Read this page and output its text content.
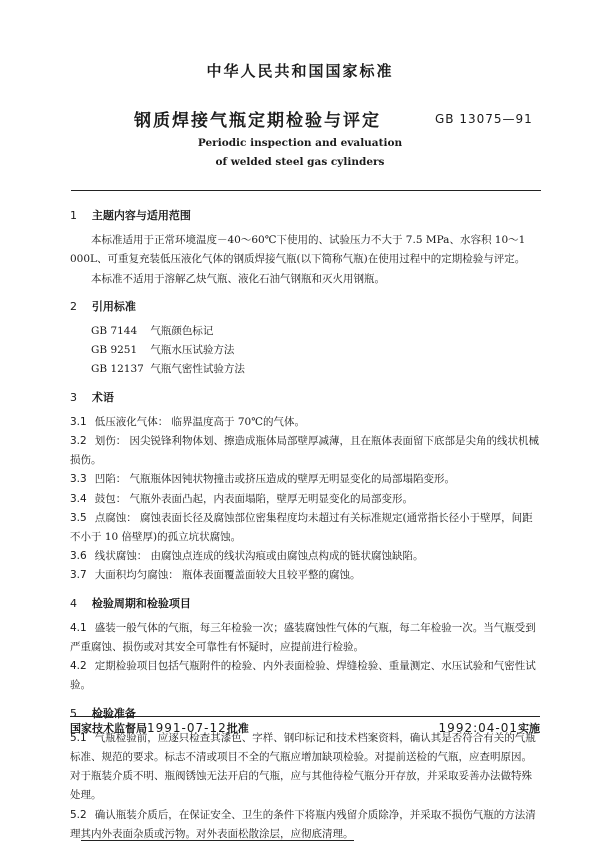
中华人民共和国国家标准
钢质焊接气瓶定期检验与评定	GB 13075—91
Periodic inspection and evaluation
of welded steel gas cylinders
1 主题内容与适用范围

本标准适用于正常环境温度－40～60℃下使用的、试验压力不大于 7.5 MPa、水容积 10～1 000L、可重复充装低压液化气体的钢质焊接气瓶(以下简称气瓶)在使用过程中的定期检验与评定。

本标准不适用于溶解乙炔气瓶、液化石油气钢瓶和灭火用钢瓶。

2 引用标准
GB 7144 气瓶颜色标记
GB 9251 气瓶水压试验方法
GB 12137 气瓶气密性试验方法
3 术语

3.1 低压液化气体： 临界温度高于 70℃的气体。

3.2 划伤： 因尖锐锋利物体划、擦造成瓶体局部壁厚减薄，且在瓶体表面留下底部是尖角的线状机械损伤。

3.3 凹陷： 气瓶瓶体因钝状物撞击或挤压造成的壁厚无明显变化的局部塌陷变形。

3.4 鼓包： 气瓶外表面凸起，内表面塌陷，壁厚无明显变化的局部变形。

3.5 点腐蚀： 腐蚀表面长径及腐蚀部位密集程度均未超过有关标准规定(通常指长径小于壁厚，间距不小于 10 倍壁厚)的孤立坑状腐蚀。

3.6 线状腐蚀： 由腐蚀点连成的线状沟痕或由腐蚀点构成的链状腐蚀缺陷。

3.7 大面积均匀腐蚀： 瓶体表面覆盖面较大且较平整的腐蚀。

4 检验周期和检验项目

4.1 盛装一般气体的气瓶，每三年检验一次；盛装腐蚀性气体的气瓶，每二年检验一次。当气瓶受到严重腐蚀、损伤或对其安全可靠性有怀疑时，应提前进行检验。

4.2 定期检验项目包括气瓶附件的检验、内外表面检验、焊缝检验、重量测定、水压试验和气密性试验。

5 检验准备

5.1 气瓶检验前，应逐只检查其漆色、字样、钢印标记和技术档案资料，确认其是否符合有关的气瓶标准、规范的要求。标志不清或项目不全的气瓶应增加缺项检验。对提前送检的气瓶，应查明原因。对于瓶装介质不明、瓶阀锈蚀无法开启的气瓶，应与其他待检气瓶分开存放，并采取妥善办法做特殊处理。

5.2 确认瓶装介质后，在保证安全、卫生的条件下将瓶内残留介质除净，并采取不损伤气瓶的方法清理其内外表面杂质或污物。对外表面松散涂层，应彻底清理。

国家技术监督局1991-07-12批准	1992:04-01实施
